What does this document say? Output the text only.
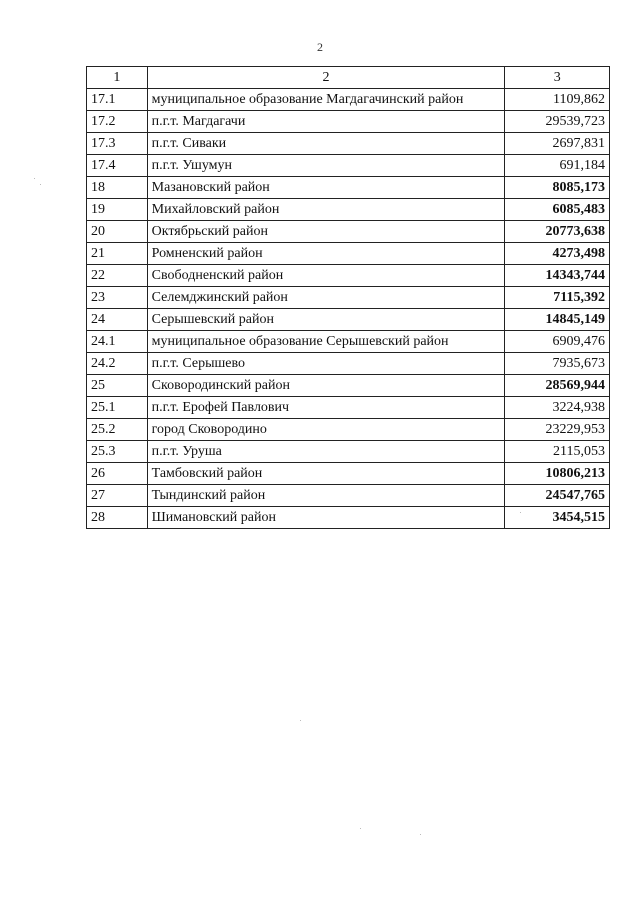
2
1	2	3
17.1	муниципальное образование Магдагачинский район	1109,862
17.2	п.г.т. Магдагачи	29539,723
17.3	п.г.т. Сиваки	2697,831
17.4	п.г.т. Ушумун	691,184
18	Мазановский район	8085,173
19	Михайловский район	6085,483
20	Октябрьский район	20773,638
21	Ромненский район	4273,498
22	Свободненский район	14343,744
23	Селемджинский район	7115,392
24	Серышевский район	14845,149
24.1	муниципальное образование Серышевский район	6909,476
24.2	п.г.т. Серышево	7935,673
25	Сковородинский район	28569,944
25.1	п.г.т. Ерофей Павлович	3224,938
25.2	город Сковородино	23229,953
25.3	п.г.т. Уруша	2115,053
26	Тамбовский район	10806,213
27	Тындинский район	24547,765
28	Шимановский район	3454,515
